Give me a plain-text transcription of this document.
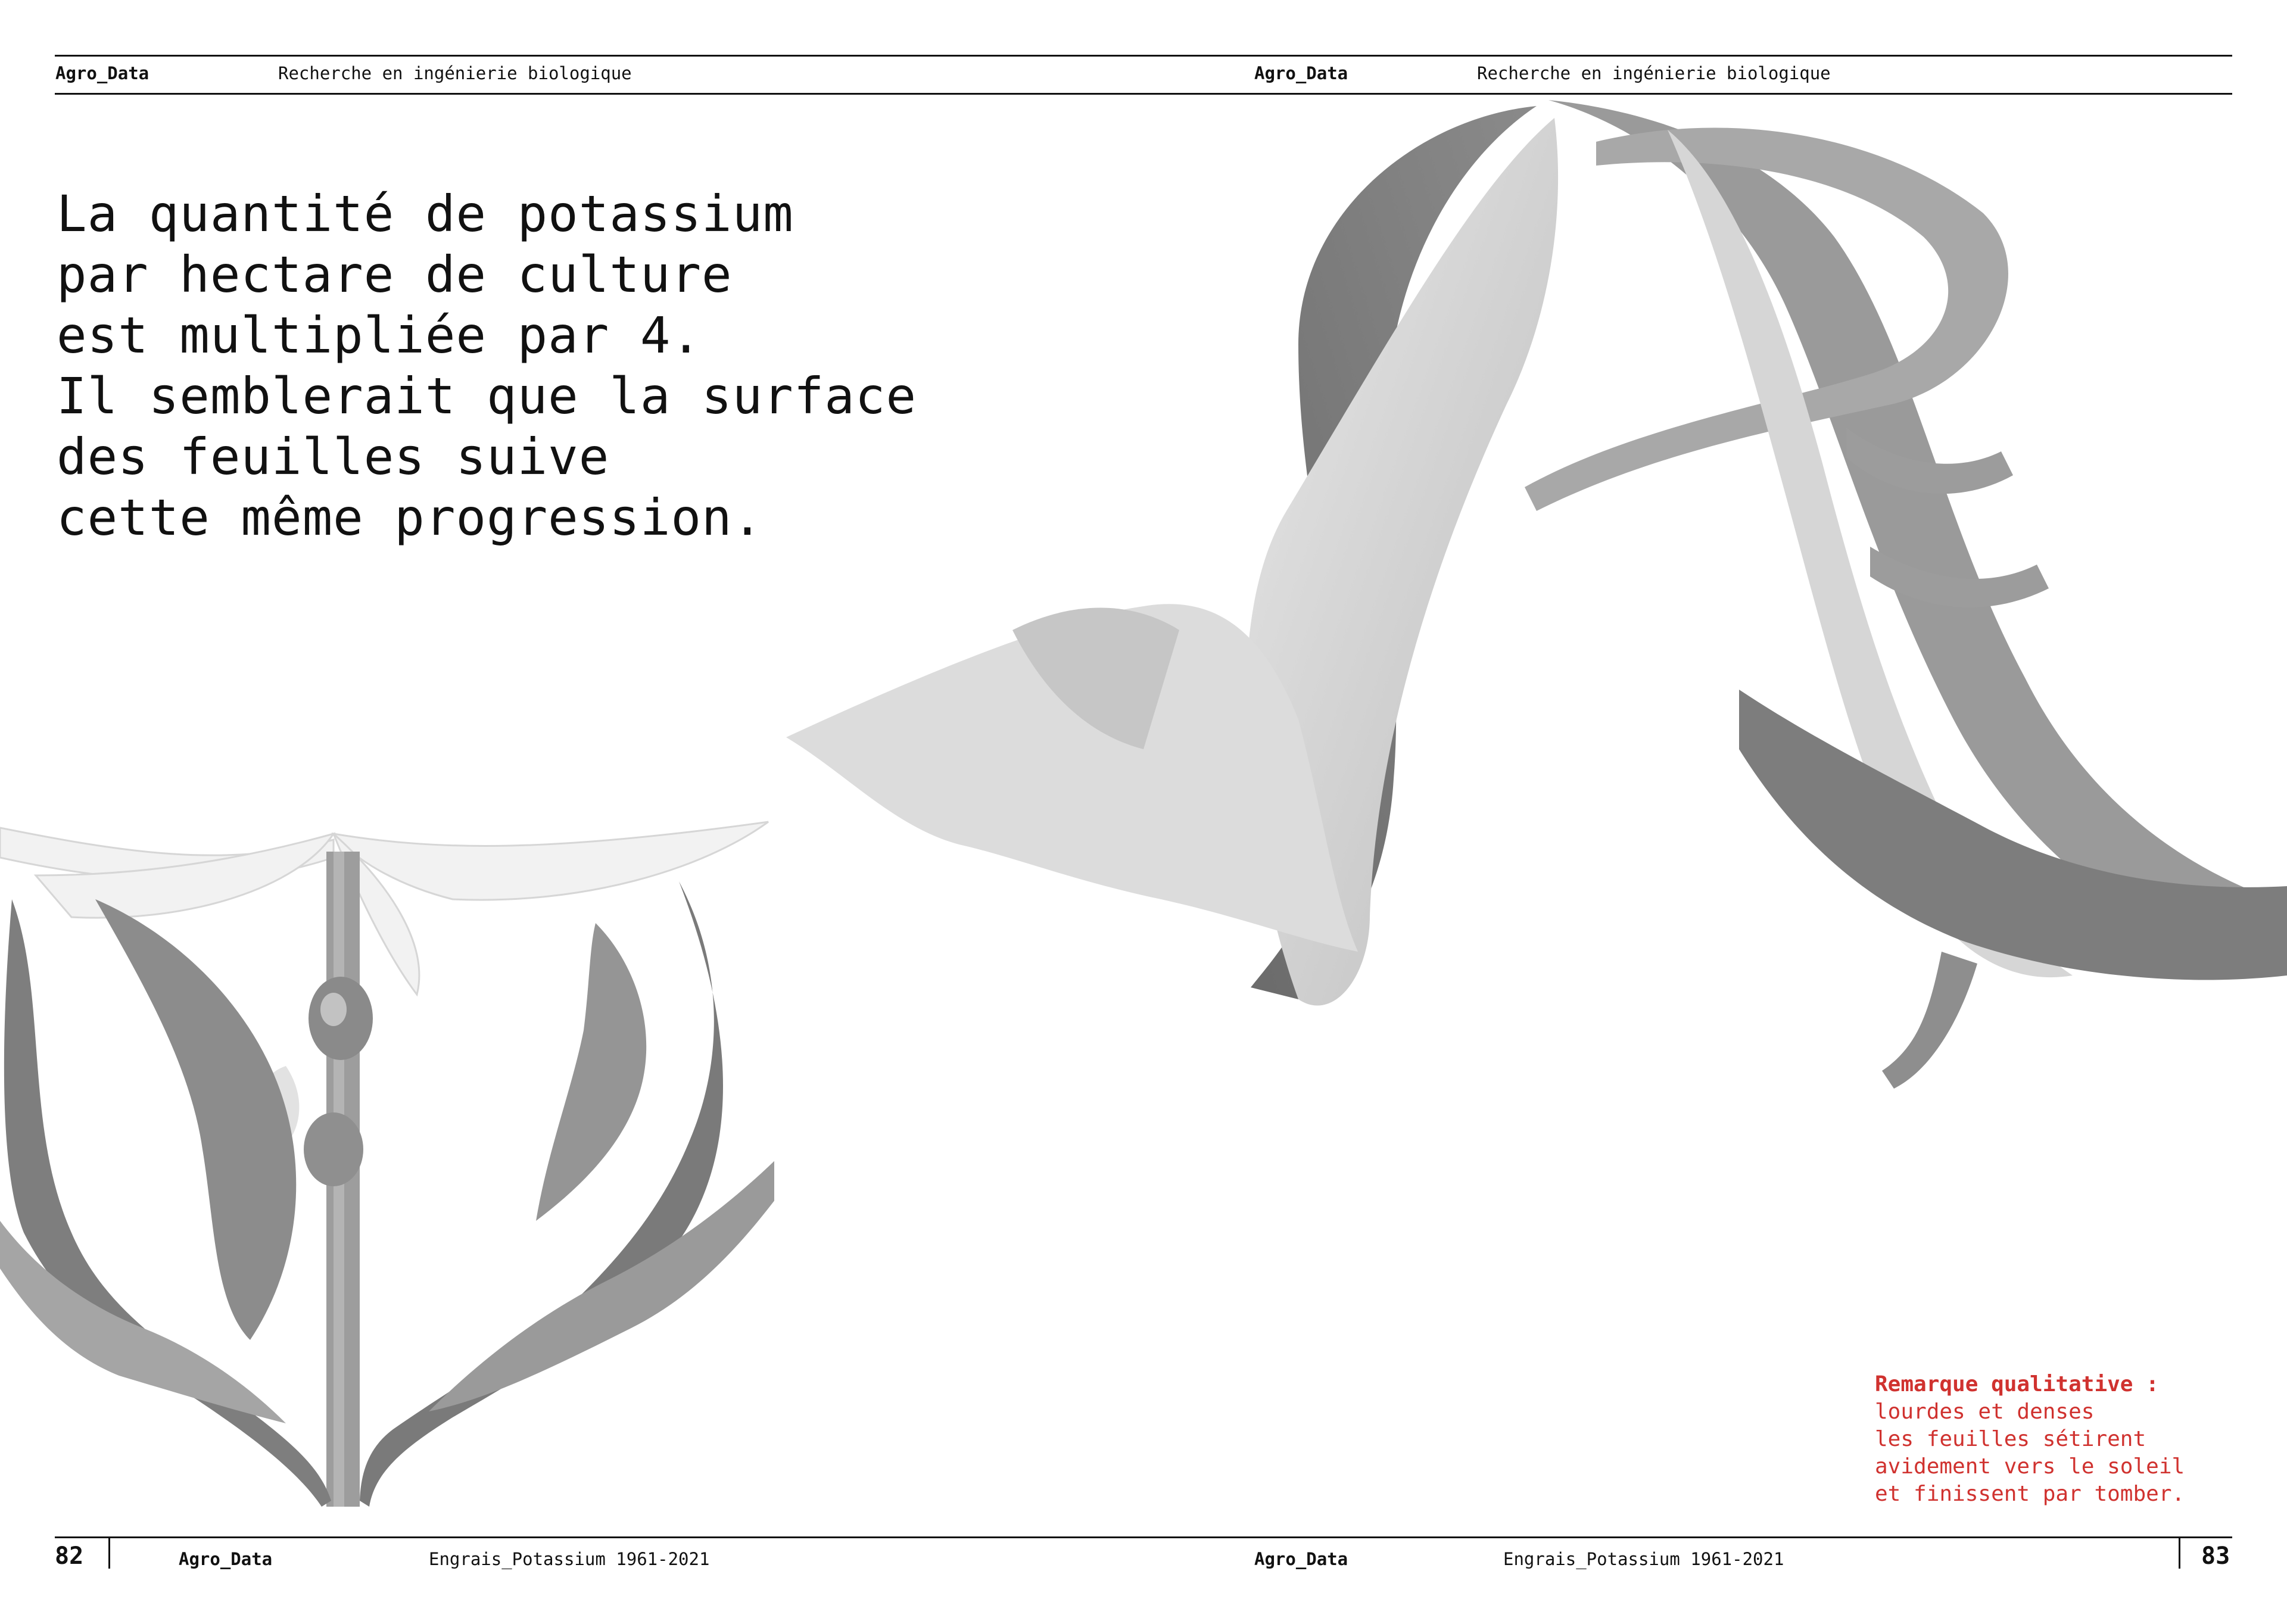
Agro_Data	Recherche en ingénierie biologique	Agro_Data	Recherche en ingénierie biologique
La quantité de potassium
par hectare de culture
est multipliée par 4.
Il semblerait que la surface
des feuilles suive
cette même progression.
Remarque qualitative :
lourdes et denses
les feuilles sétirent
avidement vers le soleil
et finissent par tomber.
82	Agro_Data	Engrais_Potassium 1961-2021	Agro_Data	Engrais_Potassium 1961-2021	83
